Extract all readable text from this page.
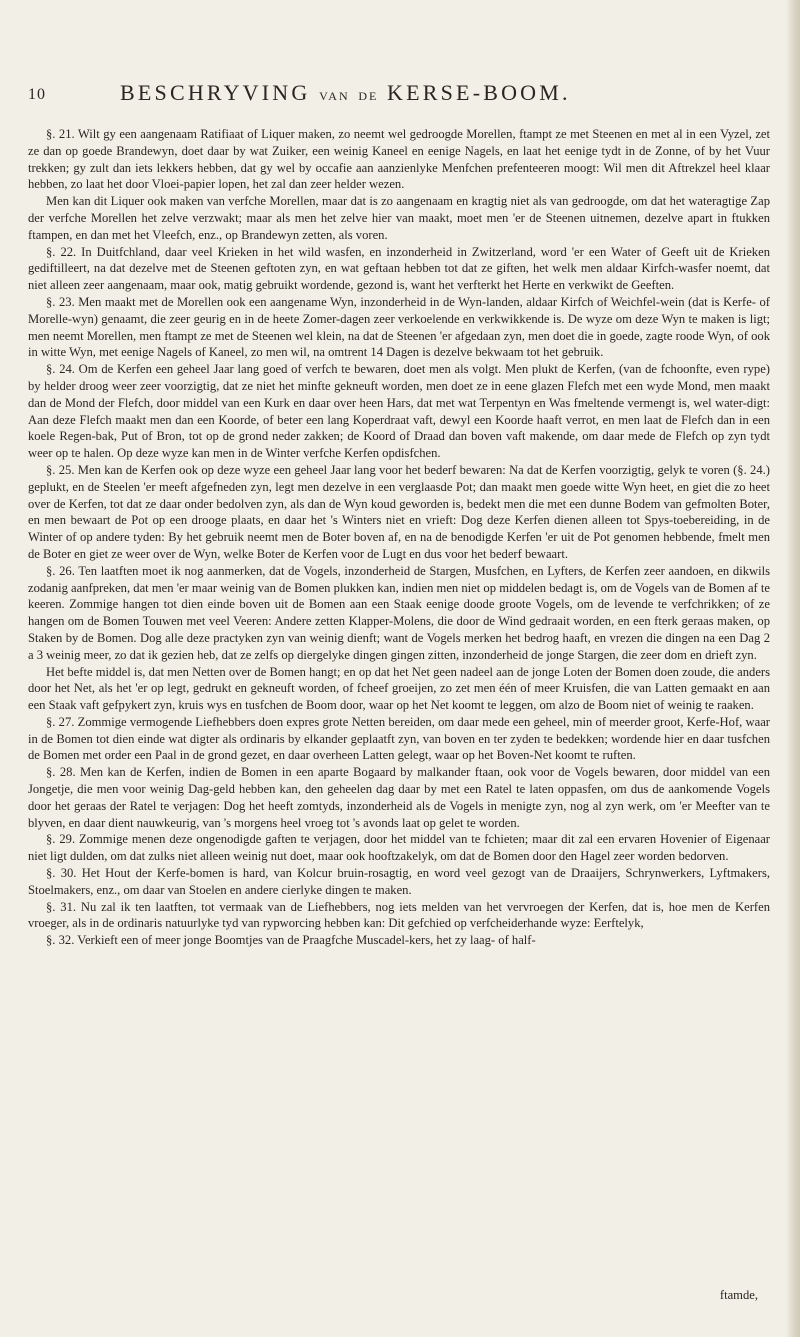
10	BESCHRYVING VAN DE KERSE-BOOM.

§. 21. Wilt gy een aangenaam Ratifiaat of Liquer maken, zo neemt wel gedroogde Morellen, ftampt ze met Steenen en met al in een Vyzel, zet ze dan op goede Brandewyn, doet daar by wat Zuiker, een weinig Kaneel en eenige Nagels, en laat het eenige tydt in de Zonne, of by het Vuur trekken; gy zult dan iets lekkers hebben, dat gy wel by occafie aan aanzienlyke Menfchen prefenteeren moogt: Wil men dit Aftrekzel heel klaar hebben, zo laat het door Vloei-papier lopen, het zal dan zeer helder wezen.

Men kan dit Liquer ook maken van verfche Morellen, maar dat is zo aangenaam en kragtig niet als van gedroogde, om dat het wateragtige Zap der verfche Morellen het zelve verzwakt; maar als men het zelve hier van maakt, moet men 'er de Steenen uitnemen, dezelve apart in ftukken ftampen, en dan met het Vleefch, enz., op Brandewyn zetten, als voren.

§. 22. In Duitfchland, daar veel Krieken in het wild wasfen, en inzonderheid in Zwitzerland, word 'er een Water of Geeft uit de Krieken gediftilleert, na dat dezelve met de Steenen geftoten zyn, en wat geftaan hebben tot dat ze giften, het welk men aldaar Kirfch-wasfer noemt, dat niet alleen zeer aangenaam, maar ook, matig gebruikt wordende, gezond is, want het verfterkt het Herte en verkwikt de Geeften.

§. 23. Men maakt met de Morellen ook een aangename Wyn, inzonderheid in de Wyn-landen, aldaar Kirfch of Weichfel-wein (dat is Kerfe- of Morelle-wyn) genaamt, die zeer geurig en in de heete Zomer-dagen zeer verkoelende en verkwikkende is. De wyze om deze Wyn te maken is ligt; men neemt Morellen, men ftampt ze met de Steenen wel klein, na dat de Steenen 'er afgedaan zyn, men doet die in goede, zagte roode Wyn, of ook in witte Wyn, met eenige Nagels of Kaneel, zo men wil, na omtrent 14 Dagen is dezelve bekwaam tot het gebruik.

§. 24. Om de Kerfen een geheel Jaar lang goed of verfch te bewaren, doet men als volgt. Men plukt de Kerfen, (van de fchoonfte, even rype) by helder droog weer zeer voorzigtig, dat ze niet het minfte gekneuft worden, men doet ze in eene glazen Flefch met een wyde Mond, men maakt dan de Mond der Flefch, door middel van een Kurk en daar over heen Hars, dat met wat Terpentyn en Was fmeltende vermengt is, wel water-digt: Aan deze Flefch maakt men dan een Koorde, of beter een lang Koperdraat vaft, dewyl een Koorde haaft verrot, en men laat de Flefch dan in een koele Regen-bak, Put of Bron, tot op de grond neder zakken; de Koord of Draad dan boven vaft makende, om daar mede de Flefch op zyn tydt weer op te halen. Op deze wyze kan men in de Winter verfche Kerfen opdisfchen.

§. 25. Men kan de Kerfen ook op deze wyze een geheel Jaar lang voor het bederf bewaren: Na dat de Kerfen voorzigtig, gelyk te voren (§. 24.) geplukt, en de Steelen 'er meeft afgefneden zyn, legt men dezelve in een verglaasde Pot; dan maakt men goede witte Wyn heet, en giet die zo heet over de Kerfen, tot dat ze daar onder bedolven zyn, als dan de Wyn koud geworden is, bedekt men die met een dunne Bodem van gefmolten Boter, en men bewaart de Pot op een drooge plaats, en daar het 's Winters niet en vrieft: Dog deze Kerfen dienen alleen tot Spys-toebereiding, in de Winter of op andere tyden: By het gebruik neemt men de Boter boven af, en na de benodigde Kerfen 'er uit de Pot genomen hebbende, fmelt men de Boter en giet ze weer over de Wyn, welke Boter de Kerfen voor de Lugt en dus voor het bederf bewaart.

§. 26. Ten laatften moet ik nog aanmerken, dat de Vogels, inzonderheid de Stargen, Musfchen, en Lyfters, de Kerfen zeer aandoen, en dikwils zodanig aanfpreken, dat men 'er maar weinig van de Bomen plukken kan, indien men niet op middelen bedagt is, om de Vogels van de Bomen af te keeren. Zommige hangen tot dien einde boven uit de Bomen aan een Staak eenige doode groote Vogels, om de levende te verfchrikken; of ze hangen om de Bomen Touwen met veel Veeren: Andere zetten Klapper-Molens, die door de Wind gedraait worden, en een fterk geraas maken, op Staken by de Bomen. Dog alle deze practyken zyn van weinig dienft; want de Vogels merken het bedrog haaft, en vrezen die dingen na een Dag 2 a 3 weinig meer, zo dat ik gezien heb, dat ze zelfs op diergelyke dingen gingen zitten, inzonderheid de jonge Stargen, die zeer dom en drieft zyn.

Het befte middel is, dat men Netten over de Bomen hangt; en op dat het Net geen nadeel aan de jonge Loten der Bomen doen zoude, die anders door het Net, als het 'er op legt, gedrukt en gekneuft worden, of fcheef groeijen, zo zet men één of meer Kruisfen, die van Latten gemaakt en aan een Staak vaft gefpykert zyn, kruis wys en tusfchen de Boom door, waar op het Net koomt te leggen, om alzo de Boom niet of weinig te raaken.

§. 27. Zommige vermogende Liefhebbers doen expres grote Netten bereiden, om daar mede een geheel, min of meerder groot, Kerfe-Hof, waar in de Bomen tot dien einde wat digter als ordinaris by elkander geplaatft zyn, van boven en ter zyden te bedekken; wordende hier en daar tusfchen de Bomen met order een Paal in de grond gezet, en daar overheen Latten gelegt, waar op het Boven-Net koomt te ruften.

§. 28. Men kan de Kerfen, indien de Bomen in een aparte Bogaard by malkander ftaan, ook voor de Vogels bewaren, door middel van een Jongetje, die men voor weinig Dag-geld hebben kan, den geheelen dag daar by met een Ratel te laten oppasfen, om dus de aankomende Vogels door het geraas der Ratel te verjagen: Dog het heeft zomtyds, inzonderheid als de Vogels in menigte zyn, nog al zyn werk, om 'er Meefter van te blyven, en daar dient nauwkeurig, van 's morgens heel vroeg tot 's avonds laat op gelet te worden.

§. 29. Zommige menen deze ongenodigde gaften te verjagen, door het middel van te fchieten; maar dit zal een ervaren Hovenier of Eigenaar niet ligt dulden, om dat zulks niet alleen weinig nut doet, maar ook hooftzakelyk, om dat de Bomen door den Hagel zeer worden bedorven.

§. 30. Het Hout der Kerfe-bomen is hard, van Kolcur bruin-rosagtig, en word veel gezogt van de Draaijers, Schrynwerkers, Lyftmakers, Stoelmakers, enz., om daar van Stoelen en andere cierlyke dingen te maken.

§. 31. Nu zal ik ten laatften, tot vermaak van de Liefhebbers, nog iets melden van het vervroegen der Kerfen, dat is, hoe men de Kerfen vroeger, als in de ordinaris natuurlyke tyd van rypworcing hebben kan: Dit gefchied op verfcheiderhande wyze: Eerftelyk,

§. 32. Verkieft een of meer jonge Boomtjes van de Praagfche Muscadel-kers, het zy laag- of half-

ftamde,
